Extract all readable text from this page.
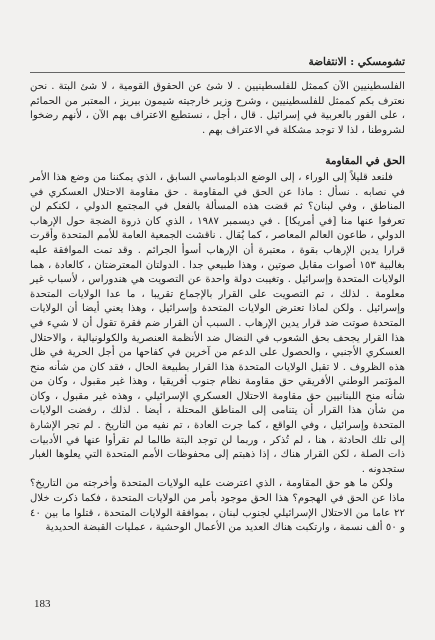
تشومسكي : الانتفاضة

الفلسطينيين الآن كممثل للفلسطينيين . لا شئ عن الحقوق القومية ، لا شئ البتة . نحن نعترف بكم كممثل للفلسطينيين ، وشرح وزير خارجيته شيمون بيريز ، المعتبر من الحمائم ، على الفور بالعربية في إسرائيل . قال ، أجل ، نستطيع الاعتراف بهم الآن ، لأنهم رضخوا لشروطنا ، لذا لا توجد مشكلة في الاعتراف بهم .

الحق في المقاومة

فلنعد قليلاً إلى الوراء ، إلى الوضع الدبلوماسي السابق ، الذي يمكننا من وضع هذا الأمر في نصابه . نسأل : ماذا عن الحق في المقاومة . حق مقاومة الاحتلال العسكري في المناطق ، وفي لبنان؟ ثم قضت هذه المسألة بالفعل في المجتمع الدولي ، لكنكم لن تعرفوا عنها منا [في أمريكا] . في ديسمبر ١٩٨٧ ، الذي كان ذروة الضجة حول الإرهاب الدولي ، طاعون العالم المعاصر ، كما يُقال . ناقشت الجمعية العامة للأمم المتحدة وأقرت قرارا يدين الإرهاب بقوة ، معتبرة أن الإرهاب أسوأ الجرائم . وقد تمت الموافقة عليه بغالبية ١٥٣ أصوات مقابل صوتين ، وهذا طبيعي جدا . الدولتان المعترضتان ، كالعادة ، هما الولايات المتحدة وإسرائيل . وتغيبت دولة واحدة عن التصويت هي هندوراس ، لأسباب غير معلومة . لذلك ، تم التصويت على القرار بالإجماع تقريبا ، ما عدا الولايات المتحدة وإسرائيل . ولكن لماذا تعترض الولايات المتحدة وإسرائيل ، وهذا يعني أيضا أن الولايات المتحدة صوتت ضد قرار يدين الإرهاب . السبب أن القرار ضم فقرة تقول أن لا شيء في هذا القرار يجحف بحق الشعوب في النضال ضد الأنظمة العنصرية والكولونيالية ، والاحتلال العسكري الأجنبي ، والحصول على الدعم من آخرين في كفاحها من أجل الحرية في ظل هذه الظروف . لا تقبل الولايات المتحدة هذا القرار بطبيعة الحال ، فقد كان من شأنه منح المؤتمر الوطني الأفريقي حق مقاومة نظام جنوب أفريقيا ، وهذا غير مقبول ، وكان من شأنه منح اللبنانيين حق مقاومة الاحتلال العسكري الإسرائيلي ، وهذه غير مقبول ، وكان من شأن هذا القرار أن يتنامى إلى المناطق المحتلة ، أيضا . لذلك ، رفضت الولايات المتحدة وإسرائيل ، وفي الواقع ، كما جرت العادة ، تم نفيه من التاريخ . لم تجر الإشارة إلى تلك الحادثة ، هنا ، لم تُذكر ، وربما لن توجد البتة طالما لم تقرأوا عنها في الأدبيات ذات الصلة ، لكن القرار هناك ، إذا ذهبتم إلى محفوظات الأمم المتحدة التي يعلوها الغبار ستجدونه .

ولكن ما هو حق المقاومة ، الذي اعترضت عليه الولايات المتحدة وأخرجته من التاريخ؟ ماذا عن الحق في الهجوم؟ هذا الحق موجود بأمر من الولايات المتحدة ، فكما ذكرت خلال ٢٢ عاما من الاحتلال الإسرائيلي لجنوب لبنان ، بموافقة الولايات المتحدة ، قتلوا ما بين ٤٠ و ٥٠ ألف نسمة ، وارتكبت هناك العديد من الأعمال الوحشية ، عمليات القبضة الحديدية

183
